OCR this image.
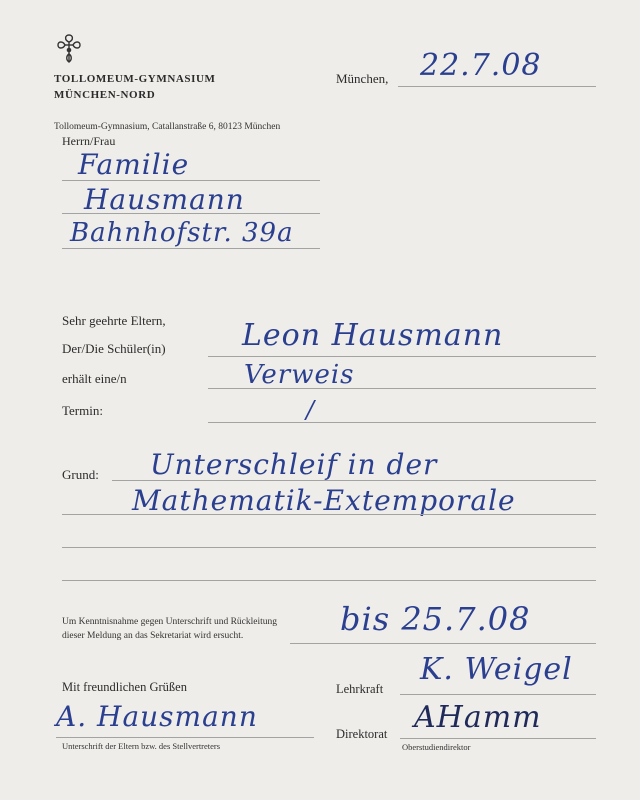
TOLLOMEUM-GYMNASIUM
MÜNCHEN-NORD
Tollomeum-Gymnasium, Catallanstraße 6, 80123 München
München, 22.7.08
Herrn/Frau
Familie
Hausmann
Bahnhofstr. 39a
Sehr geehrte Eltern,
Der/Die Schüler(in)	Leon Hausmann
erhält eine/n	Verweis
Termin:	/
Grund: Unterschleif in der
Mathematik-Extemporale
Um Kenntnisnahme gegen Unterschrift und Rückleitung
dieser Meldung an das Sekretariat wird ersucht.	bis 25.7.08
Mit freundlichen Grüßen	Lehrkraft
K. Weigel
A. Hausmann
Unterschrift der Eltern bzw. des Stellvertreters
Direktorat AHamm
Oberstudiendirektor
